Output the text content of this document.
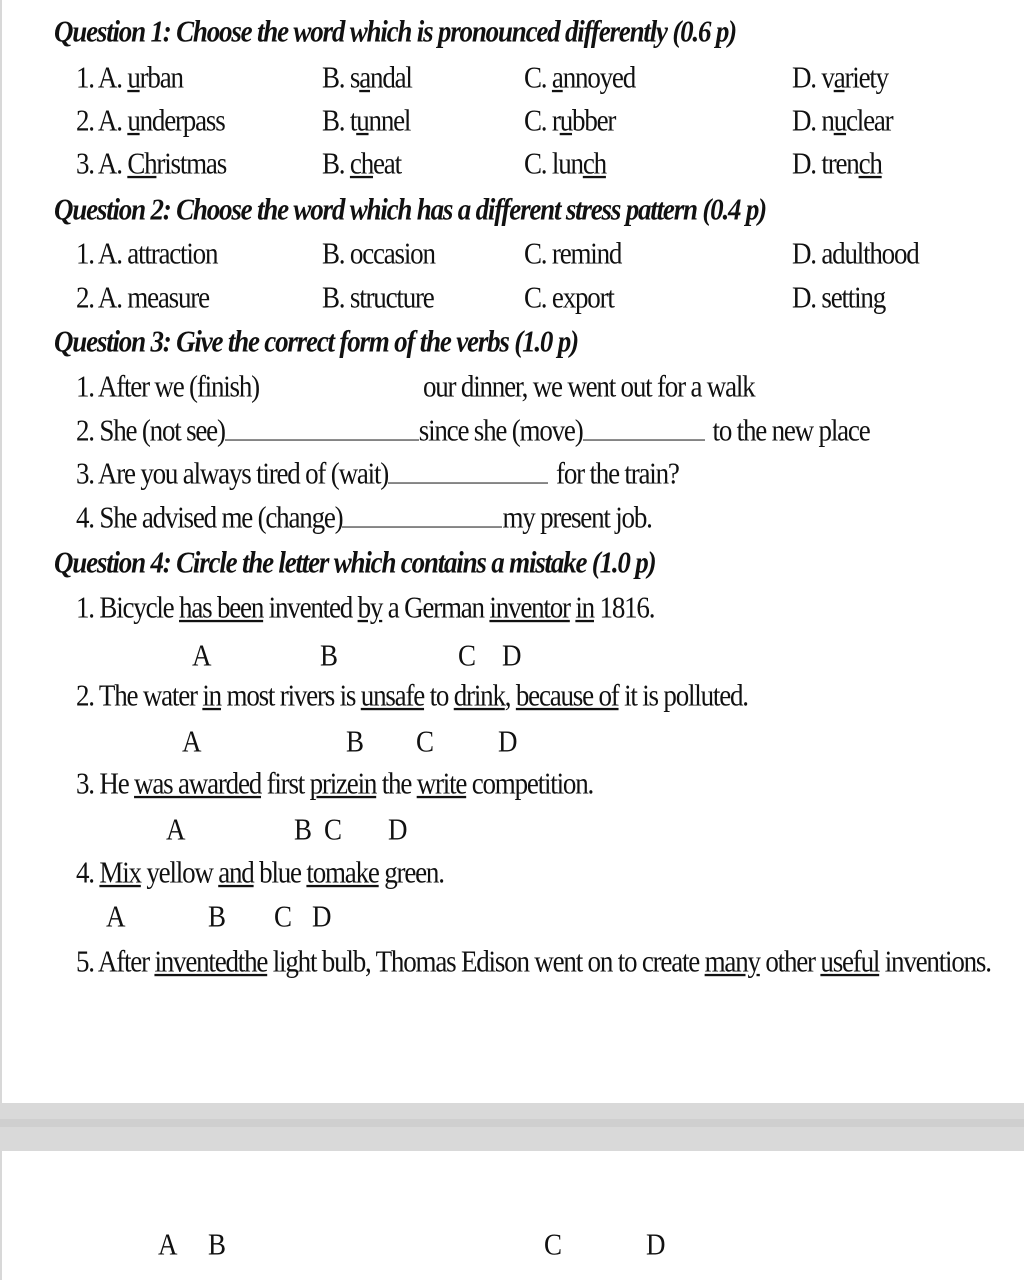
Question 1: Choose the word which is pronounced differently (0.6 p)
1. A. urban	B. sandal	C. annoyed	D. variety
2. A. underpass	B. tunnel	C. rubber	D. nuclear
3. A. Christmas	B. cheat	C. lunch	D. trench
Question 2: Choose the word which has a different stress pattern (0.4 p)
1. A. attraction	B. occasion	C. remind	D. adulthood
2. A. measure	B. structure	C. export	D. setting
Question 3: Give the correct form of the verbs (1.0 p)
1. After we (finish)	our dinner, we went out for a walk
2. She (not see)	since she (move)	to the new place
3. Are you always tired of (wait)	for the train?
4. She advised me (change)	my present job.
Question 4: Circle the letter which contains a mistake (1.0 p)
1. Bicycle has been invented by a German inventor in 1816.
A	B	C D
2. The water in most rivers is unsafe to drink, because of it is polluted.
A	B C D
3. He was awarded first prizein the write competition.
A	B C D
4. Mix yellow and blue tomake green.
A	B C D
5. After inventedthe light bulb, Thomas Edison went on to create many other useful inventions.
A B	C	D
